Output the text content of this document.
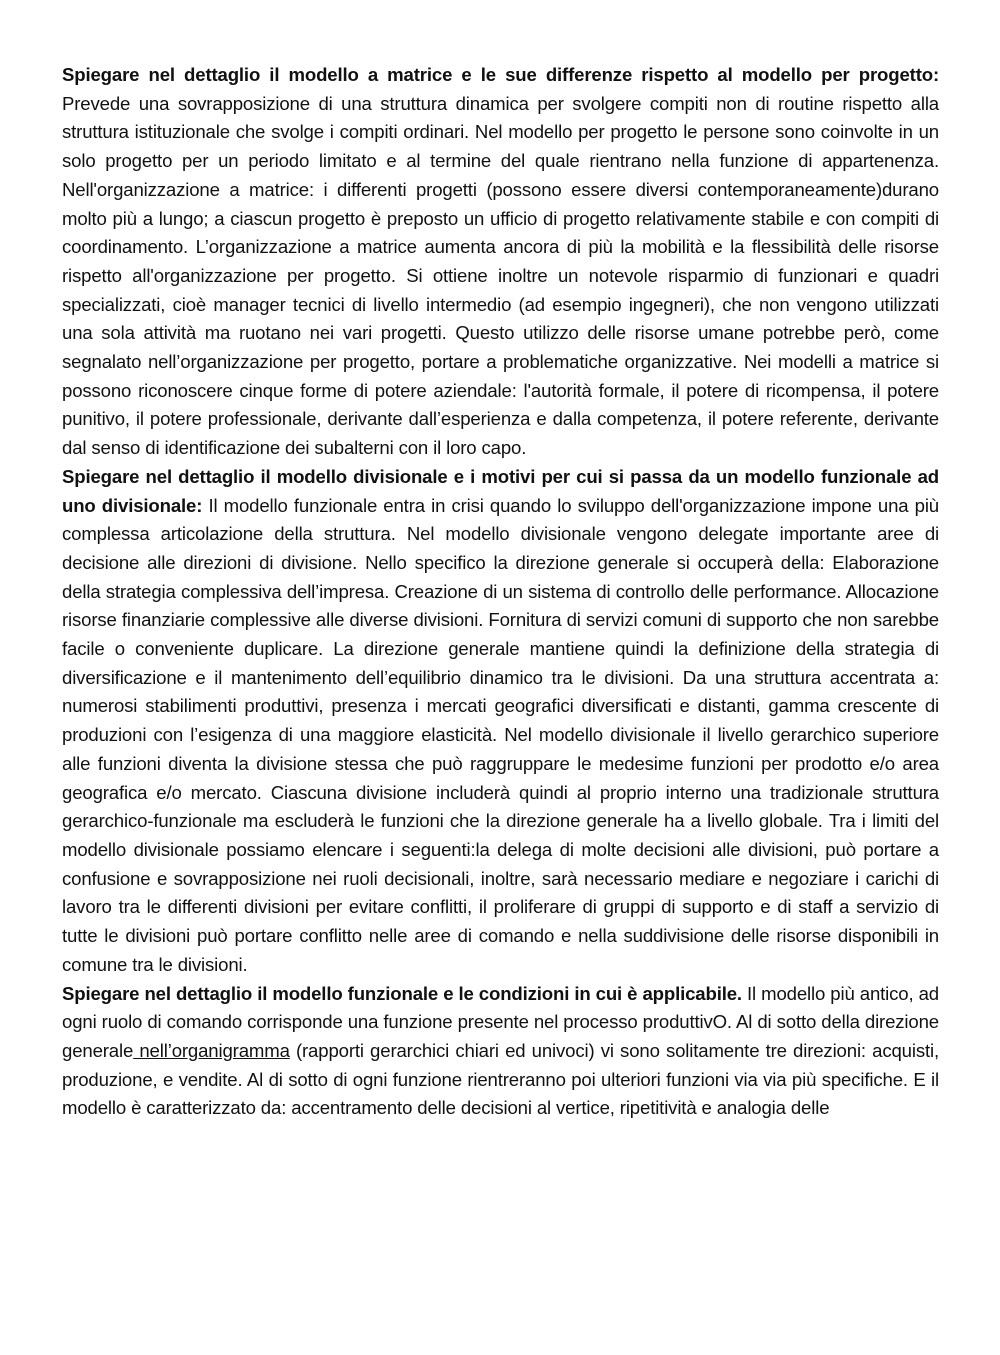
Spiegare nel dettaglio il modello a matrice e le sue differenze rispetto al modello per progetto: Prevede una sovrapposizione di una struttura dinamica per svolgere compiti non di routine rispetto alla struttura istituzionale che svolge i compiti ordinari. Nel modello per progetto le persone sono coinvolte in un solo progetto per un periodo limitato e al termine del quale rientrano nella funzione di appartenenza. Nell'organizzazione a matrice: i differenti progetti (possono essere diversi contemporaneamente)durano molto più a lungo; a ciascun progetto è preposto un ufficio di progetto relativamente stabile e con compiti di coordinamento. L’organizzazione a matrice aumenta ancora di più la mobilità e la flessibilità delle risorse rispetto all'organizzazione per progetto. Si ottiene inoltre un notevole risparmio di funzionari e quadri specializzati, cioè manager tecnici di livello intermedio (ad esempio ingegneri), che non vengono utilizzati una sola attività ma ruotano nei vari progetti. Questo utilizzo delle risorse umane potrebbe però, come segnalato nell’organizzazione per progetto, portare a problematiche organizzative. Nei modelli a matrice si possono riconoscere cinque forme di potere aziendale: l'autorità formale, il potere di ricompensa, il potere punitivo, il potere professionale, derivante dall’esperienza e dalla competenza, il potere referente, derivante dal senso di identificazione dei subalterni con il loro capo.

Spiegare nel dettaglio il modello divisionale e i motivi per cui si passa da un modello funzionale ad uno divisionale: Il modello funzionale entra in crisi quando lo sviluppo dell'organizzazione impone una più complessa articolazione della struttura. Nel modello divisionale vengono delegate importante aree di decisione alle direzioni di divisione. Nello specifico la direzione generale si occuperà della: Elaborazione della strategia complessiva dell’impresa. Creazione di un sistema di controllo delle performance. Allocazione risorse finanziarie complessive alle diverse divisioni. Fornitura di servizi comuni di supporto che non sarebbe facile o conveniente duplicare. La direzione generale mantiene quindi la definizione della strategia di diversificazione e il mantenimento dell’equilibrio dinamico tra le divisioni. Da una struttura accentrata a: numerosi stabilimenti produttivi, presenza i mercati geografici diversificati e distanti, gamma crescente di produzioni con l’esigenza di una maggiore elasticità. Nel modello divisionale il livello gerarchico superiore alle funzioni diventa la divisione stessa che può raggruppare le medesime funzioni per prodotto e/o area geografica e/o mercato. Ciascuna divisione includerà quindi al proprio interno una tradizionale struttura gerarchico-funzionale ma escluderà le funzioni che la direzione generale ha a livello globale. Tra i limiti del modello divisionale possiamo elencare i seguenti:la delega di molte decisioni alle divisioni, può portare a confusione e sovrapposizione nei ruoli decisionali, inoltre, sarà necessario mediare e negoziare i carichi di lavoro tra le differenti divisioni per evitare conflitti, il proliferare di gruppi di supporto e di staff a servizio di tutte le divisioni può portare conflitto nelle aree di comando e nella suddivisione delle risorse disponibili in comune tra le divisioni.

Spiegare nel dettaglio il modello funzionale e le condizioni in cui è applicabile. Il modello più antico, ad ogni ruolo di comando corrisponde una funzione presente nel processo produttivO. Al di sotto della direzione generale nell’organigramma (rapporti gerarchici chiari ed univoci) vi sono solitamente tre direzioni: acquisti, produzione, e vendite. Al di sotto di ogni funzione rientreranno poi ulteriori funzioni via via più specifiche. E il modello è caratterizzato da: accentramento delle decisioni al vertice, ripetitività e analogia delle
